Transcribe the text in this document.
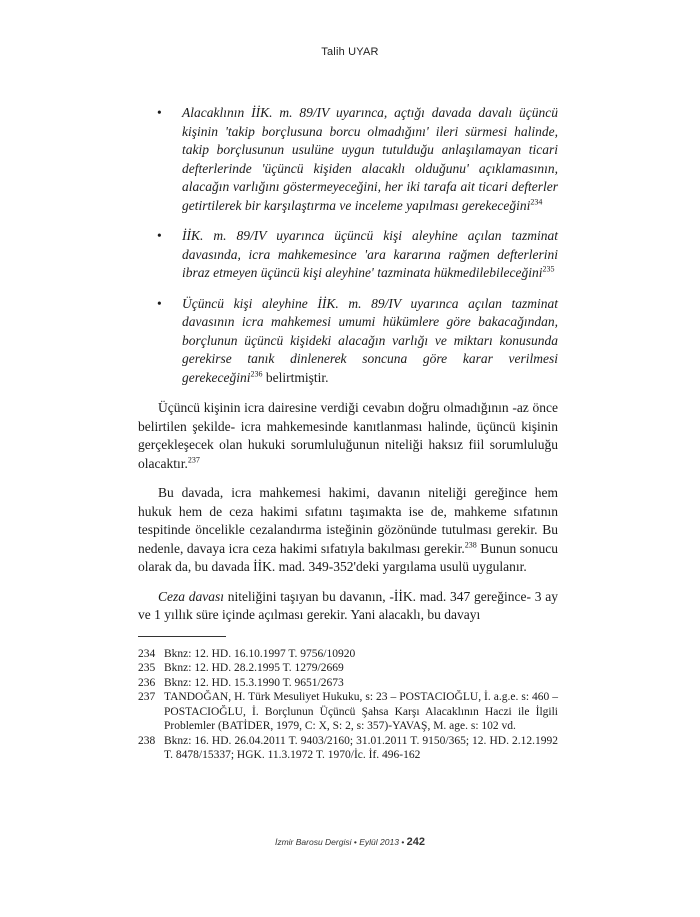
Talih UYAR
• Alacaklının İİK. m. 89/IV uyarınca, açtığı davada davalı üçüncü kişinin 'takip borçlusuna borcu olmadığını' ileri sürmesi halinde, takip borçlusunun usulüne uygun tutulduğu anlaşılamayan ticari defterlerinde 'üçüncü kişiden alacaklı olduğunu' açıklamasının, alacağın varlığını göstermeyeceğini, her iki tarafa ait ticari defterler getirtilerek bir karşılaştırma ve inceleme yapılması gerekeceğini$^{234}$
• İİK. m. 89/IV uyarınca üçüncü kişi aleyhine açılan tazminat davasında, icra mahkemesince 'ara kararına rağmen defterlerini ibraz etmeyen üçüncü kişi aleyhine' tazminata hükmedilebileceğini$^{235}$
• Üçüncü kişi aleyhine İİK. m. 89/IV uyarınca açılan tazminat davasının icra mahkemesi umumi hükümlere göre bakacağından, borçlunun üçüncü kişideki alacağın varlığı ve miktarı konusunda gerekirse tanık dinlenerek soncuna göre karar verilmesi gerekeceğini$^{236}$ belirtmiştir.

Üçüncü kişinin icra dairesine verdiği cevabın doğru olmadığının -az önce belirtilen şekilde- icra mahkemesinde kanıtlanması halinde, üçüncü kişinin gerçekleşecek olan hukuki sorumluluğunun niteliği haksız fiil sorumluluğu olacaktır.$^{237}$

Bu davada, icra mahkemesi hakimi, davanın niteliği gereğince hem hukuk hem de ceza hakimi sıfatını taşımakta ise de, mahkeme sıfatının tespitinde öncelikle cezalandırma isteğinin gözönünde tutulması gerekir. Bu nedenle, davaya icra ceza hakimi sıfatıyla bakılması gerekir.$^{238}$ Bunun sonucu olarak da, bu davada İİK. mad. 349-352'deki yargılama usulü uygulanır.

Ceza davası niteliğini taşıyan bu davanın, -İİK. mad. 347 gereğince- 3 ay ve 1 yıllık süre içinde açılması gerekir. Yani alacaklı, bu davayı

234 Bknz: 12. HD. 16.10.1997 T. 9756/10920
235 Bknz: 12. HD. 28.2.1995 T. 1279/2669
236 Bknz: 12. HD. 15.3.1990 T. 9651/2673
237 TANDOĞAN, H. Türk Mesuliyet Hukuku, s: 23 – POSTACIOĞLU, İ. a.g.e. s: 460 – POSTACIOĞLU, İ. Borçlunun Üçüncü Şahsa Karşı Alacaklının Haczi ile İlgili Problemler (BATİDER, 1979, C: X, S: 2, s: 357)-YAVAŞ, M. age. s: 102 vd.
238 Bknz: 16. HD. 26.04.2011 T. 9403/2160; 31.01.2011 T. 9150/365; 12. HD. 2.12.1992 T. 8478/15337; HGK. 11.3.1972 T. 1970/İc. İf. 496-162
İzmir Barosu Dergisi • Eylül 2013 • 242
